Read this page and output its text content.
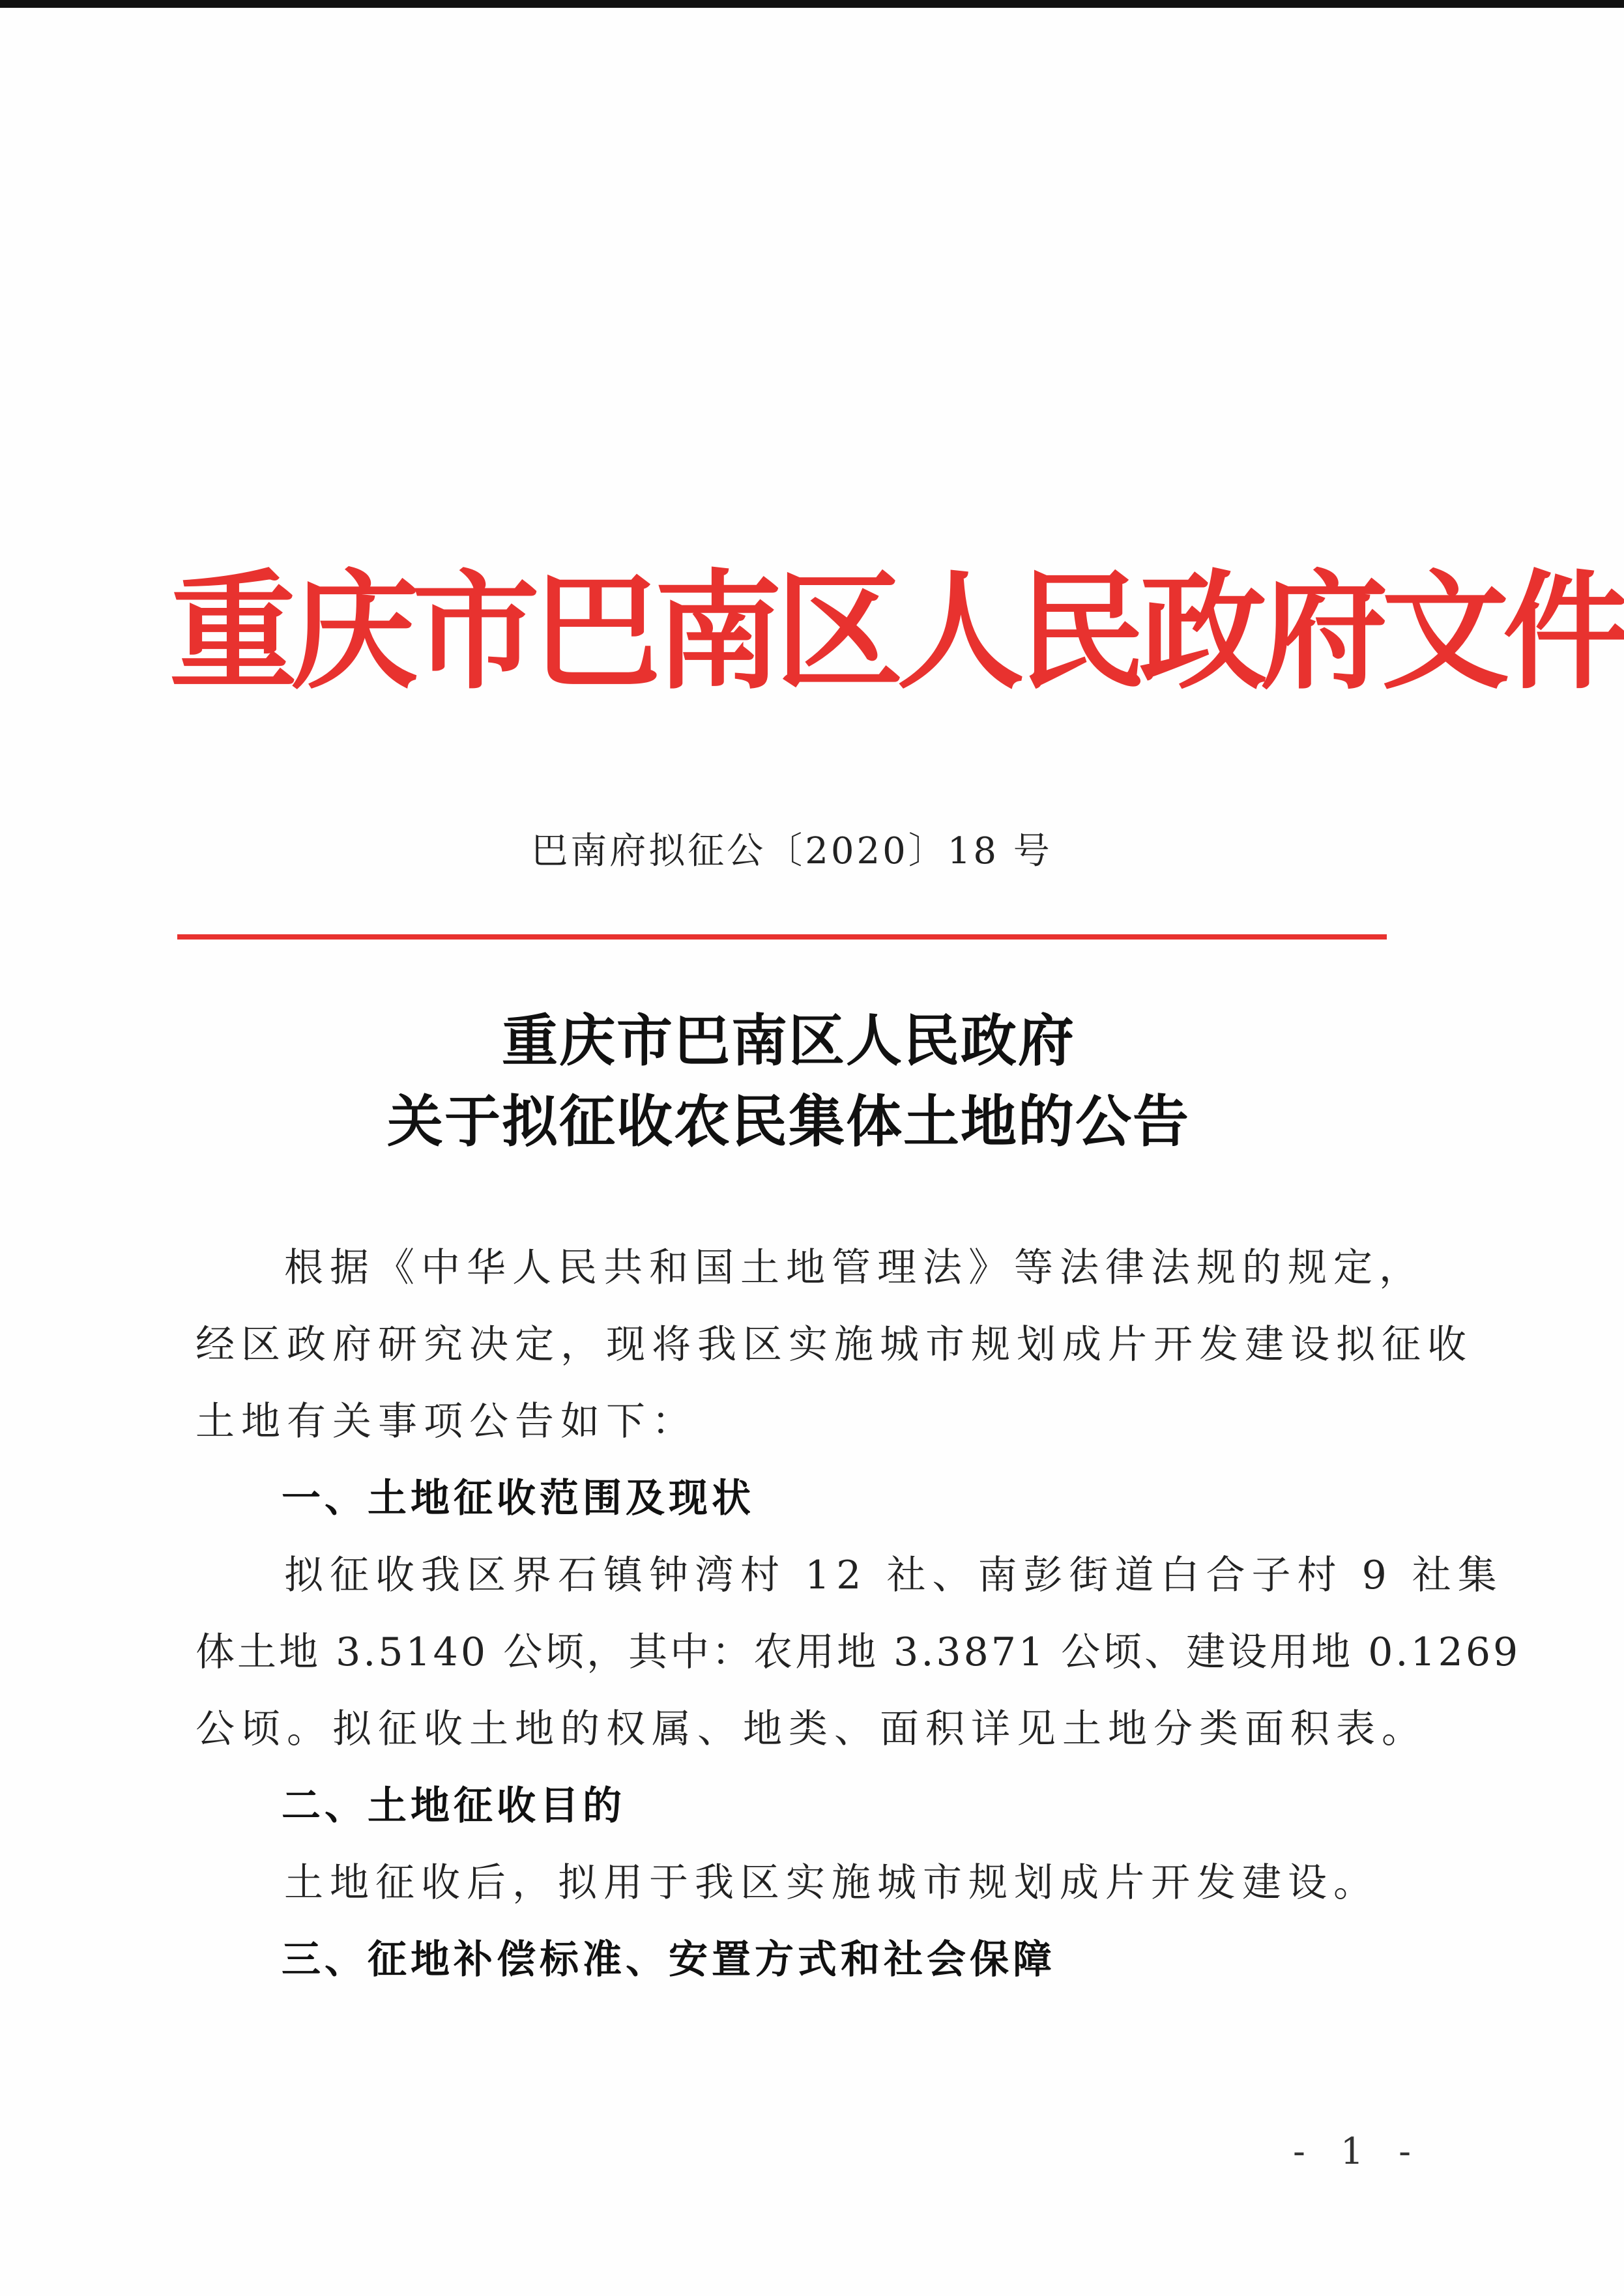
重庆市巴南区人民政府文件
巴南府拟征公〔2020〕18 号
重庆市巴南区人民政府
关于拟征收农民集体土地的公告
根据《中华人民共和国土地管理法》等法律法规的规定，
经区政府研究决定，现将我区实施城市规划成片开发建设拟征收
土地有关事项公告如下：
一、土地征收范围及现状
拟征收我区界石镇钟湾村 12 社、南彭街道白合子村 9 社集
体土地 3.5140 公顷，其中：农用地 3.3871 公顷、建设用地 0.1269
公顷。拟征收土地的权属、地类、面积详见土地分类面积表。
二、土地征收目的
土地征收后，拟用于我区实施城市规划成片开发建设。
三、征地补偿标准、安置方式和社会保障
- 1 -
